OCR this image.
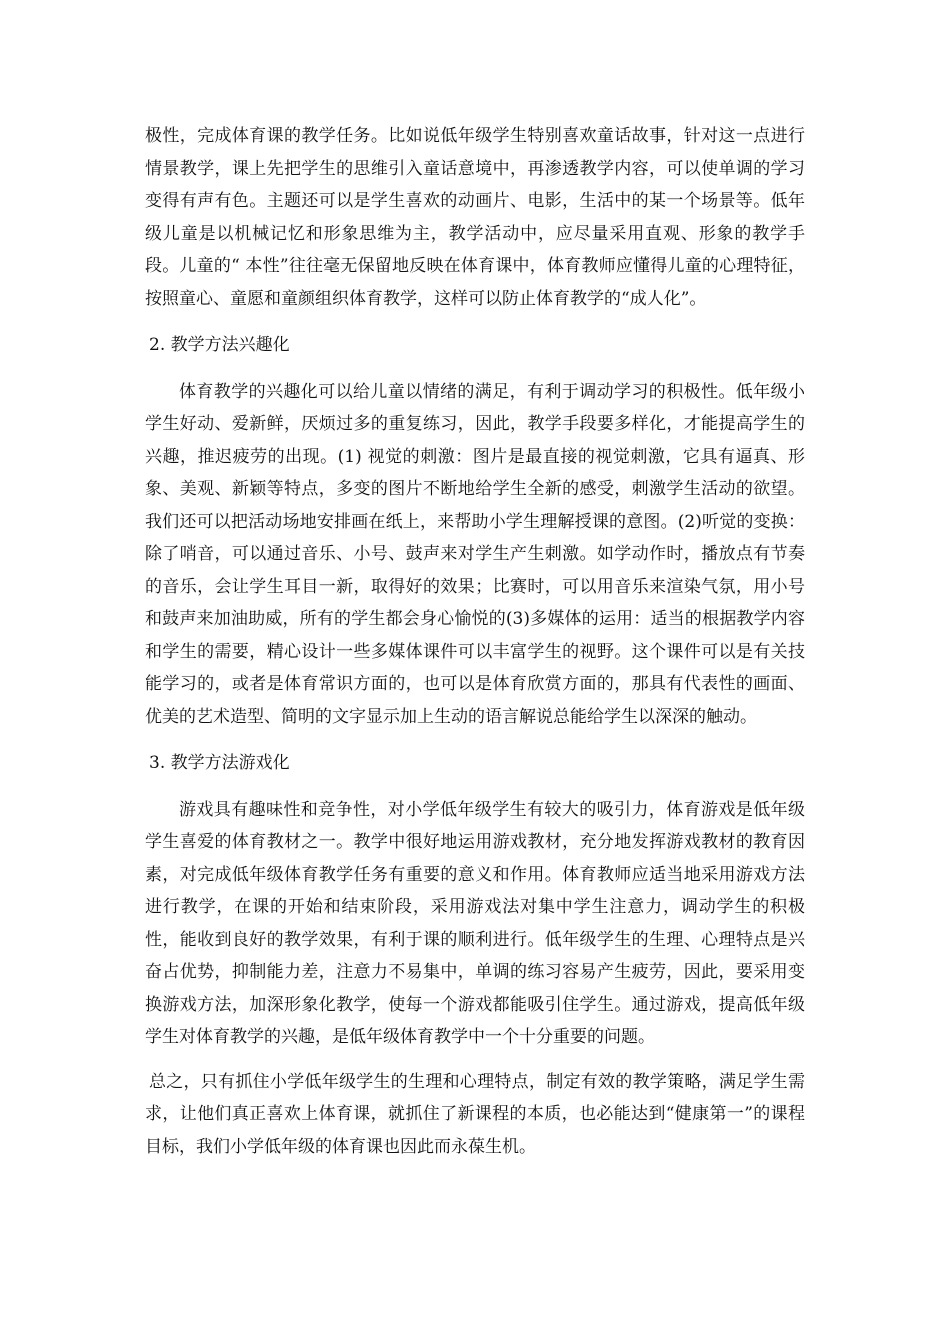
极性，完成体育课的教学任务。比如说低年级学生特别喜欢童话故事，针对这一点进行情景教学，课上先把学生的思维引入童话意境中，再渗透教学内容，可以使单调的学习变得有声有色。主题还可以是学生喜欢的动画片、电影，生活中的某一个场景等。低年级儿童是以机械记忆和形象思维为主，教学活动中，应尽量采用直观、形象的教学手段。儿童的“ 本性”往往毫无保留地反映在体育课中，体育教师应懂得儿童的心理特征，按照童心、童愿和童颜组织体育教学，这样可以防止体育教学的“成人化”。

2. 教学方法兴趣化

体育教学的兴趣化可以给儿童以情绪的满足，有利于调动学习的积极性。低年级小学生好动、爱新鲜，厌烦过多的重复练习，因此，教学手段要多样化，才能提高学生的兴趣，推迟疲劳的出现。(1) 视觉的刺激：图片是最直接的视觉刺激，它具有逼真、形象、美观、新颖等特点，多变的图片不断地给学生全新的感受，刺激学生活动的欲望。我们还可以把活动场地安排画在纸上，来帮助小学生理解授课的意图。(2)听觉的变换：除了哨音，可以通过音乐、小号、鼓声来对学生产生刺激。如学动作时，播放点有节奏的音乐，会让学生耳目一新，取得好的效果；比赛时，可以用音乐来渲染气氛，用小号和鼓声来加油助威，所有的学生都会身心愉悦的(3)多媒体的运用：适当的根据教学内容和学生的需要，精心设计一些多媒体课件可以丰富学生的视野。这个课件可以是有关技能学习的，或者是体育常识方面的，也可以是体育欣赏方面的，那具有代表性的画面、优美的艺术造型、简明的文字显示加上生动的语言解说总能给学生以深深的触动。

3. 教学方法游戏化

游戏具有趣味性和竞争性，对小学低年级学生有较大的吸引力，体育游戏是低年级学生喜爱的体育教材之一。教学中很好地运用游戏教材，充分地发挥游戏教材的教育因素，对完成低年级体育教学任务有重要的意义和作用。体育教师应适当地采用游戏方法进行教学，在课的开始和结束阶段，采用游戏法对集中学生注意力，调动学生的积极性，能收到良好的教学效果，有利于课的顺利进行。低年级学生的生理、心理特点是兴奋占优势，抑制能力差，注意力不易集中，单调的练习容易产生疲劳，因此，要采用变换游戏方法，加深形象化教学，使每一个游戏都能吸引住学生。通过游戏，提高低年级学生对体育教学的兴趣，是低年级体育教学中一个十分重要的问题。

总之，只有抓住小学低年级学生的生理和心理特点，制定有效的教学策略，满足学生需求，让他们真正喜欢上体育课，就抓住了新课程的本质，也必能达到“健康第一”的课程目标，我们小学低年级的体育课也因此而永葆生机。
